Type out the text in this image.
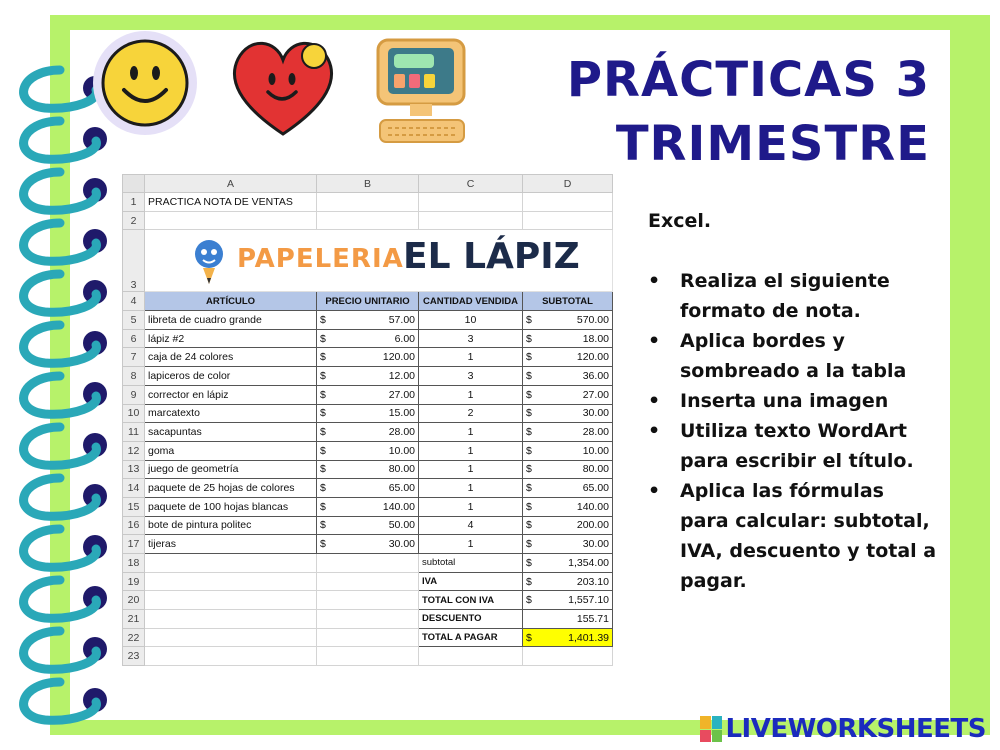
PRÁCTICAS 3
TRIMESTRE
	A	B	C	D
1	PRACTICA NOTA DE VENTAS			
2				
3	PAPELERIA EL LÁPIZ			

4	ARTÍCULO	PRECIO UNITARIO	CANTIDAD VENDIDA	SUBTOTAL
5	libreta de cuadro grande	$ 57.00	10	$ 570.00

6	lápiz #2	$ 6.00	3	$ 18.00

7	caja de 24 colores	$ 120.00	1	$ 120.00

8	lapiceros de color	$ 12.00	3	$ 36.00

9	corrector en lápiz	$ 27.00	1	$ 27.00

10	marcatexto	$ 15.00	2	$ 30.00

11	sacapuntas	$ 28.00	1	$ 28.00

12	goma	$ 10.00	1	$ 10.00

13	juego de geometría	$ 80.00	1	$ 80.00

14	paquete de 25 hojas de colores	$ 65.00	1	$ 65.00

15	paquete de 100 hojas blancas	$ 140.00	1	$ 140.00

16	bote de pintura politec	$ 50.00	4	$ 200.00

17	tijeras	$ 30.00	1	$ 30.00

18			subtotal	$ 1,354.00

19			IVA	$ 203.10

20			TOTAL CON IVA	$ 1,557.10

21			DESCUENTO	155.71

22			TOTAL A PAGAR	$ 1,401.39

23				
Excel.
• Realiza el siguiente formato de nota.
• Aplica bordes y sombreado a la tabla
• Inserta una imagen
• Utiliza texto WordArt para escribir el título.
• Aplica las fórmulas para calcular: subtotal, IVA, descuento y total a pagar.
LIVEWORKSHEETS
